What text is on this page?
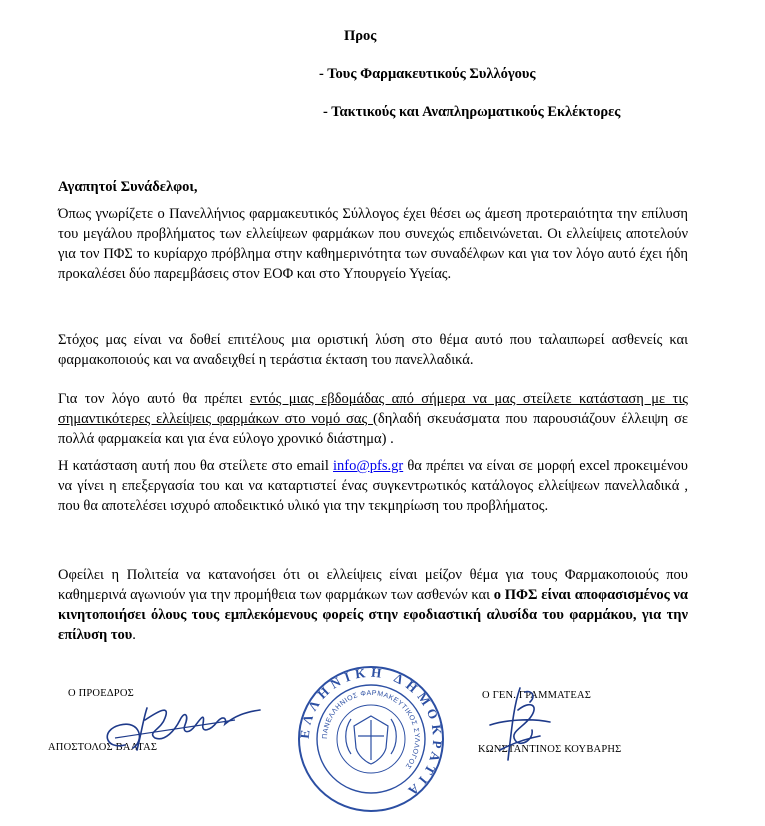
Προς
- Τους Φαρμακευτικούς Συλλόγους
- Τακτικούς και Αναπληρωματικούς Εκλέκτορες
Αγαπητοί Συνάδελφοι,
Όπως γνωρίζετε ο Πανελλήνιος φαρμακευτικός Σύλλογος έχει θέσει ως άμεση προτεραιότητα την επίλυση του μεγάλου προβλήματος των ελλείψεων φαρμάκων που συνεχώς επιδεινώνεται. Οι ελλείψεις αποτελούν για τον ΠΦΣ το κυρίαρχο πρόβλημα στην καθημερινότητα των συναδέλφων και για τον λόγο αυτό έχει ήδη προκαλέσει δύο παρεμβάσεις στον ΕΟΦ και στο Υπουργείο Υγείας.
Στόχος μας είναι να δοθεί επιτέλους μια οριστική λύση στο θέμα αυτό που ταλαιπωρεί ασθενείς και φαρμακοποιούς και να αναδειχθεί η τεράστια έκταση του πανελλαδικά.
Για τον λόγο αυτό θα πρέπει εντός μιας εβδομάδας από σήμερα να μας στείλετε κατάσταση με τις σημαντικότερες ελλείψεις φαρμάκων στο νομό σας (δηλαδή σκευάσματα που παρουσιάζουν έλλειψη σε πολλά φαρμακεία και για ένα εύλογο χρονικό διάστημα) .
Η κατάσταση αυτή που θα στείλετε στο email info@pfs.gr θα πρέπει να είναι σε μορφή excel προκειμένου να γίνει η επεξεργασία του και να καταρτιστεί ένας συγκεντρωτικός κατάλογος ελλείψεων πανελλαδικά , που θα αποτελέσει ισχυρό αποδεικτικό υλικό για την τεκμηρίωση του προβλήματος.
Οφείλει η Πολιτεία να κατανοήσει ότι οι ελλείψεις είναι μείζον θέμα για τους Φαρμακοποιούς που καθημερινά αγωνιούν για την προμήθεια των φαρμάκων των ασθενών και ο ΠΦΣ είναι αποφασισμένος να κινητοποιήσει όλους τους εμπλεκόμενους φορείς στην εφοδιαστική αλυσίδα του φαρμάκου, για την επίλυση του.
Ο ΠΡΟΕΔΡΟΣ
ΑΠΟΣΤΟΛΟΣ ΒΑΛΤΑΣ
ΕΛΛΗΝΙΚΗ ΔΗΜΟΚΡΑΤΙΑ
ΠΑΝΕΛΛΗΝΙΟΣ ΦΑΡΜΑΚΕΥΤΙΚΟΣ ΣΥΛΛΟΓΟΣ
Ο ΓΕΝ. ΓΡΑΜΜΑΤΕΑΣ
ΚΩΝΣΤΑΝΤΙΝΟΣ ΚΟΥΒΑΡΗΣ
